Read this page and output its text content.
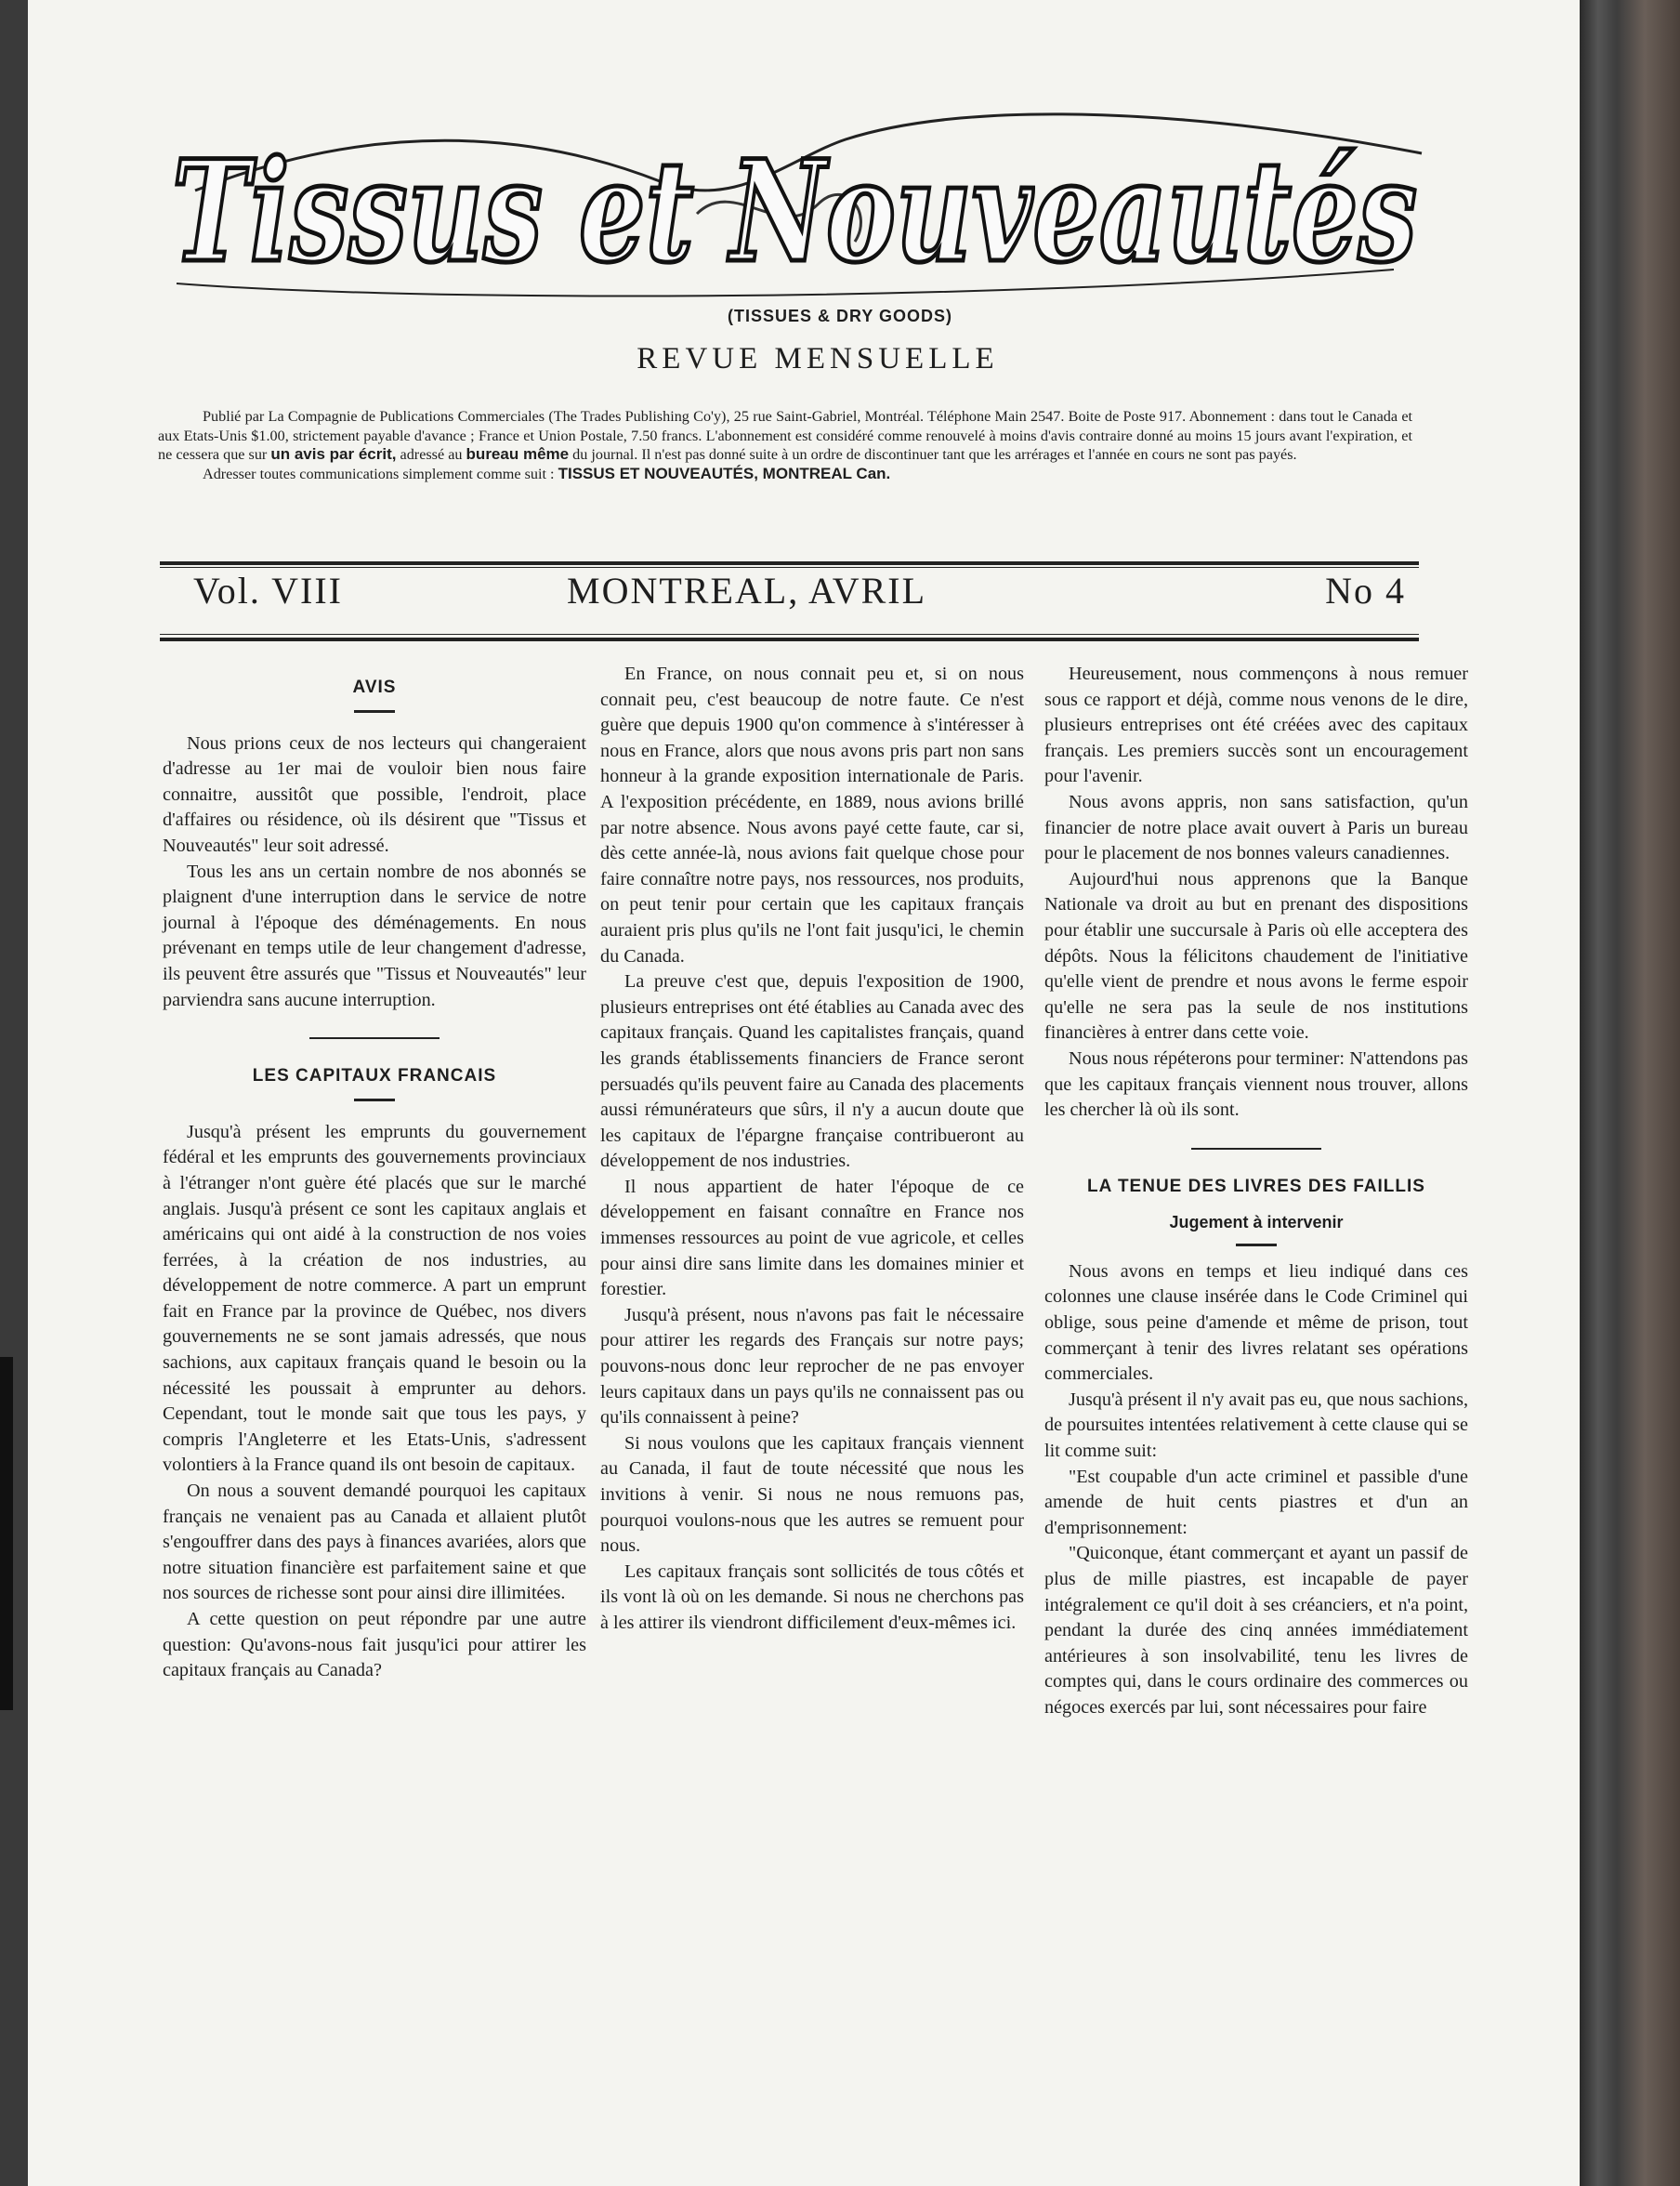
Tissus et Nouveautés
(TISSUES & DRY GOODS)
REVUE MENSUELLE

Publié par La Compagnie de Publications Commerciales (The Trades Publishing Co'y), 25 rue Saint-Gabriel, Montréal. Téléphone Main 2547. Boite de Poste 917. Abonnement : dans tout le Canada et aux Etats-Unis $1.00, strictement payable d'avance ; France et Union Postale, 7.50 francs. L'abonnement est considéré comme renouvelé à moins d'avis contraire donné au moins 15 jours avant l'expiration, et ne cessera que sur un avis par écrit, adressé au bureau même du journal. Il n'est pas donné suite à un ordre de discontinuer tant que les arrérages et l'année en cours ne sont pas payés.

Adresser toutes communications simplement comme suit : TISSUS ET NOUVEAUTÉS, MONTREAL Can.

Vol. VIII	MONTREAL, AVRIL	No 4
AVIS

Nous prions ceux de nos lecteurs qui changeraient d'adresse au 1er mai de vouloir bien nous faire connaitre, aussitôt que possible, l'endroit, place d'affaires ou résidence, où ils désirent que "Tissus et Nouveautés" leur soit adressé.

Tous les ans un certain nombre de nos abonnés se plaignent d'une interruption dans le service de notre journal à l'époque des déménagements. En nous prévenant en temps utile de leur changement d'adresse, ils peuvent être assurés que "Tissus et Nouveautés" leur parviendra sans aucune interruption.

LES CAPITAUX FRANCAIS

Jusqu'à présent les emprunts du gouvernement fédéral et les emprunts des gouvernements provinciaux à l'étranger n'ont guère été placés que sur le marché anglais. Jusqu'à présent ce sont les capitaux anglais et américains qui ont aidé à la construction de nos voies ferrées, à la création de nos industries, au développement de notre commerce. A part un emprunt fait en France par la province de Québec, nos divers gouvernements ne se sont jamais adressés, que nous sachions, aux capitaux français quand le besoin ou la nécessité les poussait à emprunter au dehors. Cependant, tout le monde sait que tous les pays, y compris l'Angleterre et les Etats-Unis, s'adressent volontiers à la France quand ils ont besoin de capitaux.

On nous a souvent demandé pourquoi les capitaux français ne venaient pas au Canada et allaient plutôt s'engouffrer dans des pays à finances avariées, alors que notre situation financière est parfaitement saine et que nos sources de richesse sont pour ainsi dire illimitées.

A cette question on peut répondre par une autre question: Qu'avons-nous fait jusqu'ici pour attirer les capitaux français au Canada?

En France, on nous connait peu et, si on nous connait peu, c'est beaucoup de notre faute. Ce n'est guère que depuis 1900 qu'on commence à s'intéresser à nous en France, alors que nous avons pris part non sans honneur à la grande exposition internationale de Paris. A l'exposition précédente, en 1889, nous avions brillé par notre absence. Nous avons payé cette faute, car si, dès cette année-là, nous avions fait quelque chose pour faire connaître notre pays, nos ressources, nos produits, on peut tenir pour certain que les capitaux français auraient pris plus qu'ils ne l'ont fait jusqu'ici, le chemin du Canada.

La preuve c'est que, depuis l'exposition de 1900, plusieurs entreprises ont été établies au Canada avec des capitaux français. Quand les capitalistes français, quand les grands établissements financiers de France seront persuadés qu'ils peuvent faire au Canada des placements aussi rémunérateurs que sûrs, il n'y a aucun doute que les capitaux de l'épargne française contribueront au développement de nos industries.

Il nous appartient de hater l'époque de ce développement en faisant connaître en France nos immenses ressources au point de vue agricole, et celles pour ainsi dire sans limite dans les domaines minier et forestier.

Jusqu'à présent, nous n'avons pas fait le nécessaire pour attirer les regards des Français sur notre pays; pouvons-nous donc leur reprocher de ne pas envoyer leurs capitaux dans un pays qu'ils ne connaissent pas ou qu'ils connaissent à peine?

Si nous voulons que les capitaux français viennent au Canada, il faut de toute nécessité que nous les invitions à venir. Si nous ne nous remuons pas, pourquoi voulons-nous que les autres se remuent pour nous.

Les capitaux français sont sollicités de tous côtés et ils vont là où on les demande. Si nous ne cherchons pas à les attirer ils viendront difficilement d'eux-mêmes ici.

Heureusement, nous commençons à nous remuer sous ce rapport et déjà, comme nous venons de le dire, plusieurs entreprises ont été créées avec des capitaux français. Les premiers succès sont un encouragement pour l'avenir.

Nous avons appris, non sans satisfaction, qu'un financier de notre place avait ouvert à Paris un bureau pour le placement de nos bonnes valeurs canadiennes.

Aujourd'hui nous apprenons que la Banque Nationale va droit au but en prenant des dispositions pour établir une succursale à Paris où elle acceptera des dépôts. Nous la félicitons chaudement de l'initiative qu'elle vient de prendre et nous avons le ferme espoir qu'elle ne sera pas la seule de nos institutions financières à entrer dans cette voie.

Nous nous répéterons pour terminer: N'attendons pas que les capitaux français viennent nous trouver, allons les chercher là où ils sont.

LA TENUE DES LIVRES DES FAILLIS
Jugement à intervenir

Nous avons en temps et lieu indiqué dans ces colonnes une clause insérée dans le Code Criminel qui oblige, sous peine d'amende et même de prison, tout commerçant à tenir des livres relatant ses opérations commerciales.

Jusqu'à présent il n'y avait pas eu, que nous sachions, de poursuites intentées relativement à cette clause qui se lit comme suit:

"Est coupable d'un acte criminel et passible d'une amende de huit cents piastres et d'un an d'emprisonnement:

"Quiconque, étant commerçant et ayant un passif de plus de mille piastres, est incapable de payer intégralement ce qu'il doit à ses créanciers, et n'a point, pendant la durée des cinq années immédiatement antérieures à son insolvabilité, tenu les livres de comptes qui, dans le cours ordinaire des commerces ou négoces exercés par lui, sont nécessaires pour faire
